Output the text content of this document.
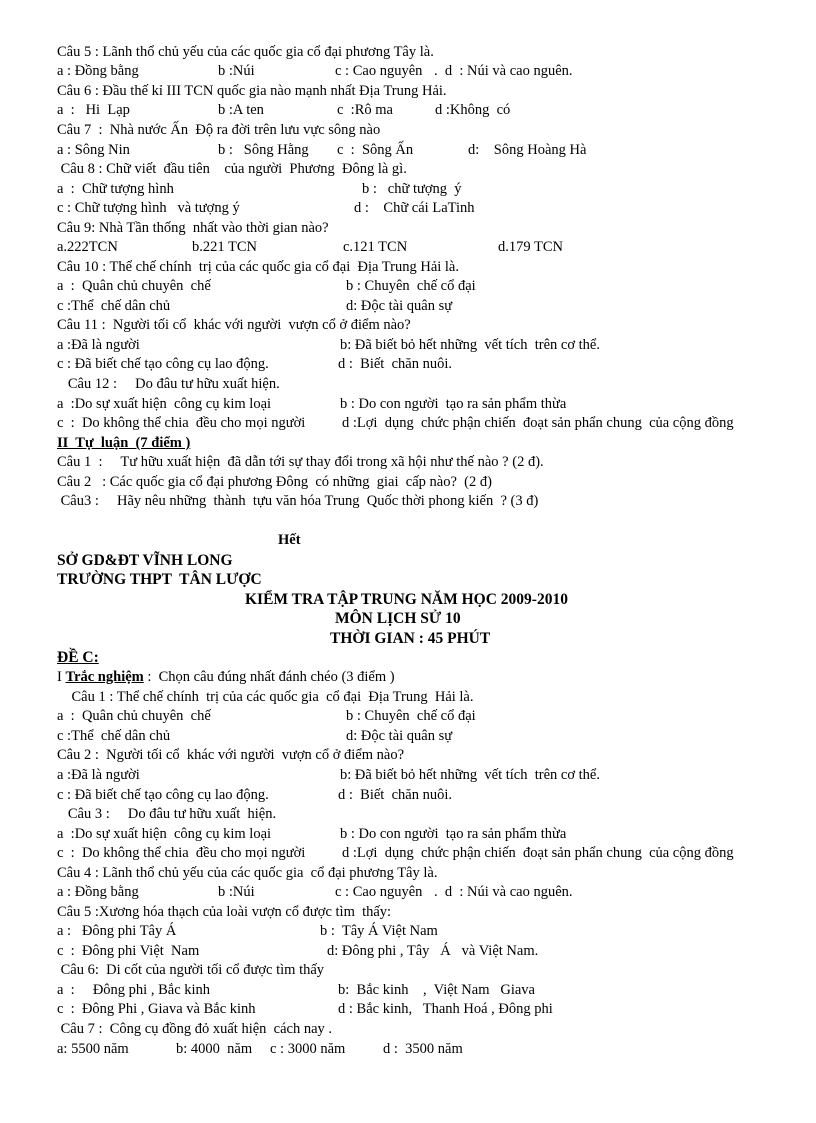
Câu 5 : Lãnh thổ chủ yếu của các quốc gia cổ đại phương Tây là.
a : Đồng bằng	b :Núi	c : Cao nguyên .  d  : Núi và cao nguên.
Câu 6 : Đầu thế kỉ III TCN quốc gia nào mạnh nhất Địa Trung Hải.
a  :   Hi  Lạp	b :A ten	c  :Rô ma	d :Không  có
Câu 7  :  Nhà nước Ấn  Độ ra đời trên lưu vực sông nào
a : Sông Nin	b :   Sông Hằng c  :  Sông Ấn	d:    Sông Hoàng Hà
Câu 8 : Chữ viết  đầu tiên    của người  Phương  Đông là gì.
a  :  Chữ tượng hình	b :   chữ tượng  ý
c : Chữ tượng hình   và tượng ý	d :    Chữ cái LaTinh
Câu 9: Nhà Tần thống  nhất vào thời gian nào?
a.222TCN	b.221 TCN	c.121 TCN	d.179 TCN
Câu 10 : Thể chế chính  trị của các quốc gia cổ đại  Địa Trung Hải là.
a  :  Quân chủ chuyên  chế	b : Chuyên  chế cổ đại
c :Thể  chế dân chủ	d: Độc tài quân sự
Câu 11 :  Người tối cổ  khác với người  vượn cổ ở điểm nào?
a :Đã là người	b: Đã biết bỏ hết những  vết tích  trên cơ thể.
c : Đã biết chế tạo công cụ lao động.	d :  Biết  chăn nuôi.
Câu 12 :     Do đâu tư hữu xuất hiện.
a  :Do sự xuất hiện  công cụ kim loại	b : Do con người  tạo ra sản phẩm thừa
c  :  Do không thể chia  đều cho mọi người	d :Lợi  dụng  chức phận chiến  đoạt sản phẩn chung  của cộng đồng
II  Tự  luận  (7 điểm )
Câu 1  :     Tư hữu xuất hiện  đã dẫn tới sự thay đổi trong xã hội như thế nào ? (2 đ).
Câu 2   : Các quốc gia cổ đại phương Đông  có những  giai  cấp nào?  (2 đ)
Câu3 :     Hãy nêu những  thành  tựu văn hóa Trung  Quốc thời phong kiến  ? (3 đ)
Hết
SỞ GD&ĐT VĨNH LONG
TRƯỜNG THPT  TÂN LƯỢC
KIỂM TRA TẬP TRUNG NĂM HỌC 2009-2010
MÔN LỊCH SỬ 10
THỜI GIAN : 45 PHÚT
ĐỀ C:
I Trắc nghiệm :  Chọn câu đúng nhất đánh chéo (3 điểm )
Câu 1 : Thể chế chính  trị của các quốc gia  cổ đại  Địa Trung  Hải là.
a  :  Quân chủ chuyên  chế	b : Chuyên  chế cổ đại
c :Thể  chế dân chủ	d: Độc tài quân sự
Câu 2 :  Người tối cổ  khác với người  vượn cổ ở điểm nào?
a :Đã là người	b: Đã biết bỏ hết những  vết tích  trên cơ thể.
c : Đã biết chế tạo công cụ lao động.	d :  Biết  chăn nuôi.
Câu 3 :     Do đâu tư hữu xuất  hiện.
a  :Do sự xuất hiện  công cụ kim loại	b : Do con người  tạo ra sản phẩm thừa
c  :  Do không thể chia  đều cho mọi người	d :Lợi  dụng  chức phận chiến  đoạt sản phẩn chung  của cộng đồng
Câu 4 : Lãnh thổ chủ yếu của các quốc gia  cổ đại phương Tây là.
a : Đồng bằng	b :Núi	c : Cao nguyên .  d  : Núi và cao nguên.
Câu 5 :Xương hóa thạch của loài vượn cổ được tìm  thấy:
a :   Đông phi Tây Á	b :  Tây Á Việt Nam
c  :  Đông phi Việt  Nam	d: Đông phi , Tây   Á   và Việt Nam.
Câu 6:  Di cốt của người tối cổ được tìm thấy
a  :     Đông phi , Bắc kinh	b:  Bắc kinh    ,  Việt Nam   Giava
c  :  Đông Phi , Giava và Bắc kinh	d : Bắc kinh,   Thanh Hoá , Đông phi
Câu 7 :  Công cụ đồng đỏ xuất hiện  cách nay .
a: 5500 năm	b: 4000  năm c : 3000 năm	d :  3500 năm
